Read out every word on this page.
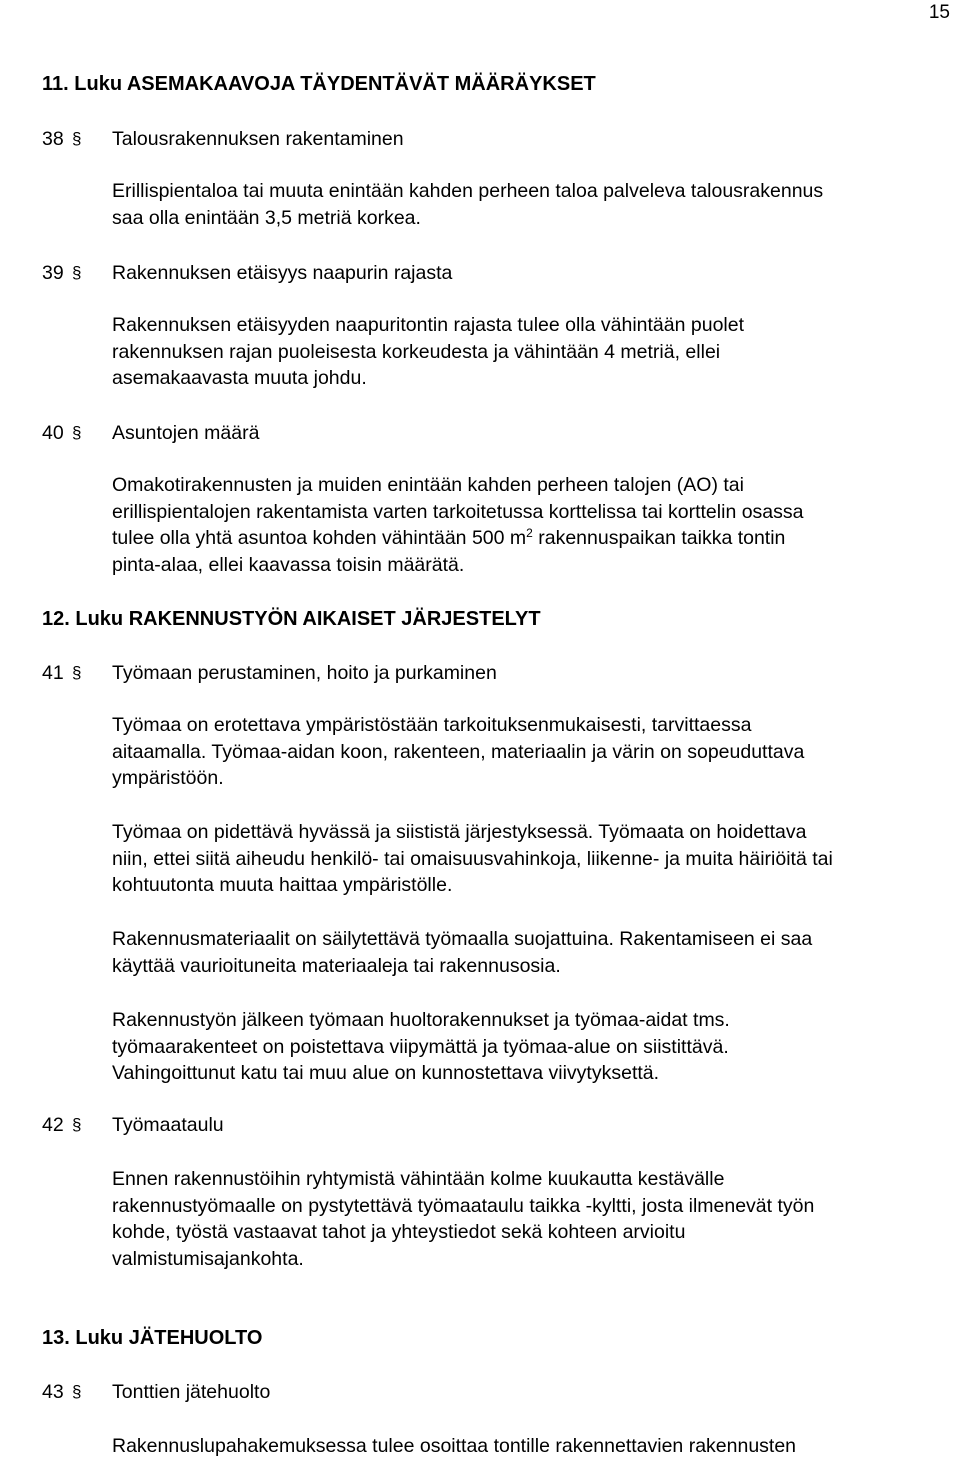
15
11. Luku ASEMAKAAVOJA TÄYDENTÄVÄT MÄÄRÄYKSET
38 § Talousrakennuksen rakentaminen
Erillispientaloa tai muuta enintään kahden perheen taloa palveleva talousrakennus
saa olla enintään 3,5 metriä korkea.
39 § Rakennuksen etäisyys naapurin rajasta
Rakennuksen etäisyyden naapuritontin rajasta tulee olla vähintään puolet
rakennuksen rajan puoleisesta korkeudesta ja vähintään 4 metriä, ellei
asemakaavasta muuta johdu.
40 § Asuntojen määrä
Omakotirakennusten ja muiden enintään kahden perheen talojen (AO) tai
erillispientalojen rakentamista varten tarkoitetussa korttelissa tai korttelin osassa
tulee olla yhtä asuntoa kohden vähintään 500 $m^2$ rakennuspaikan taikka tontin
pinta-alaa, ellei kaavassa toisin määrätä.
12. Luku RAKENNUSTYÖN AIKAISET JÄRJESTELYT
41 § Työmaan perustaminen, hoito ja purkaminen
Työmaa on erotettava ympäristöstään tarkoituksenmukaisesti, tarvittaessa
aitaamalla. Työmaa-aidan koon, rakenteen, materiaalin ja värin on sopeuduttava
ympäristöön.
Työmaa on pidettävä hyvässä ja siististä järjestyksessä. Työmaata on hoidettava
niin, ettei siitä aiheudu henkilö- tai omaisuusvahinkoja, liikenne- ja muita häiriöitä tai
kohtuutonta muuta haittaa ympäristölle.
Rakennusmateriaalit on säilytettävä työmaalla suojattuina. Rakentamiseen ei saa
käyttää vaurioituneita materiaaleja tai rakennusosia.
Rakennustyön jälkeen työmaan huoltorakennukset ja työmaa-aidat tms.
työmaarakenteet on poistettava viipymättä ja työmaa-alue on siistittävä.
Vahingoittunut katu tai muu alue on kunnostettava viivytyksettä.
42 § Työmaataulu
Ennen rakennustöihin ryhtymistä vähintään kolme kuukautta kestävälle
rakennustyömaalle on pystytettävä työmaataulu taikka -kyltti, josta ilmenevät työn
kohde, työstä vastaavat tahot ja yhteystiedot sekä kohteen arvioitu
valmistumisajankohta.
13. Luku JÄTEHUOLTO
43 § Tonttien jätehuolto
Rakennuslupahakemuksessa tulee osoittaa tontille rakennettavien rakennusten
